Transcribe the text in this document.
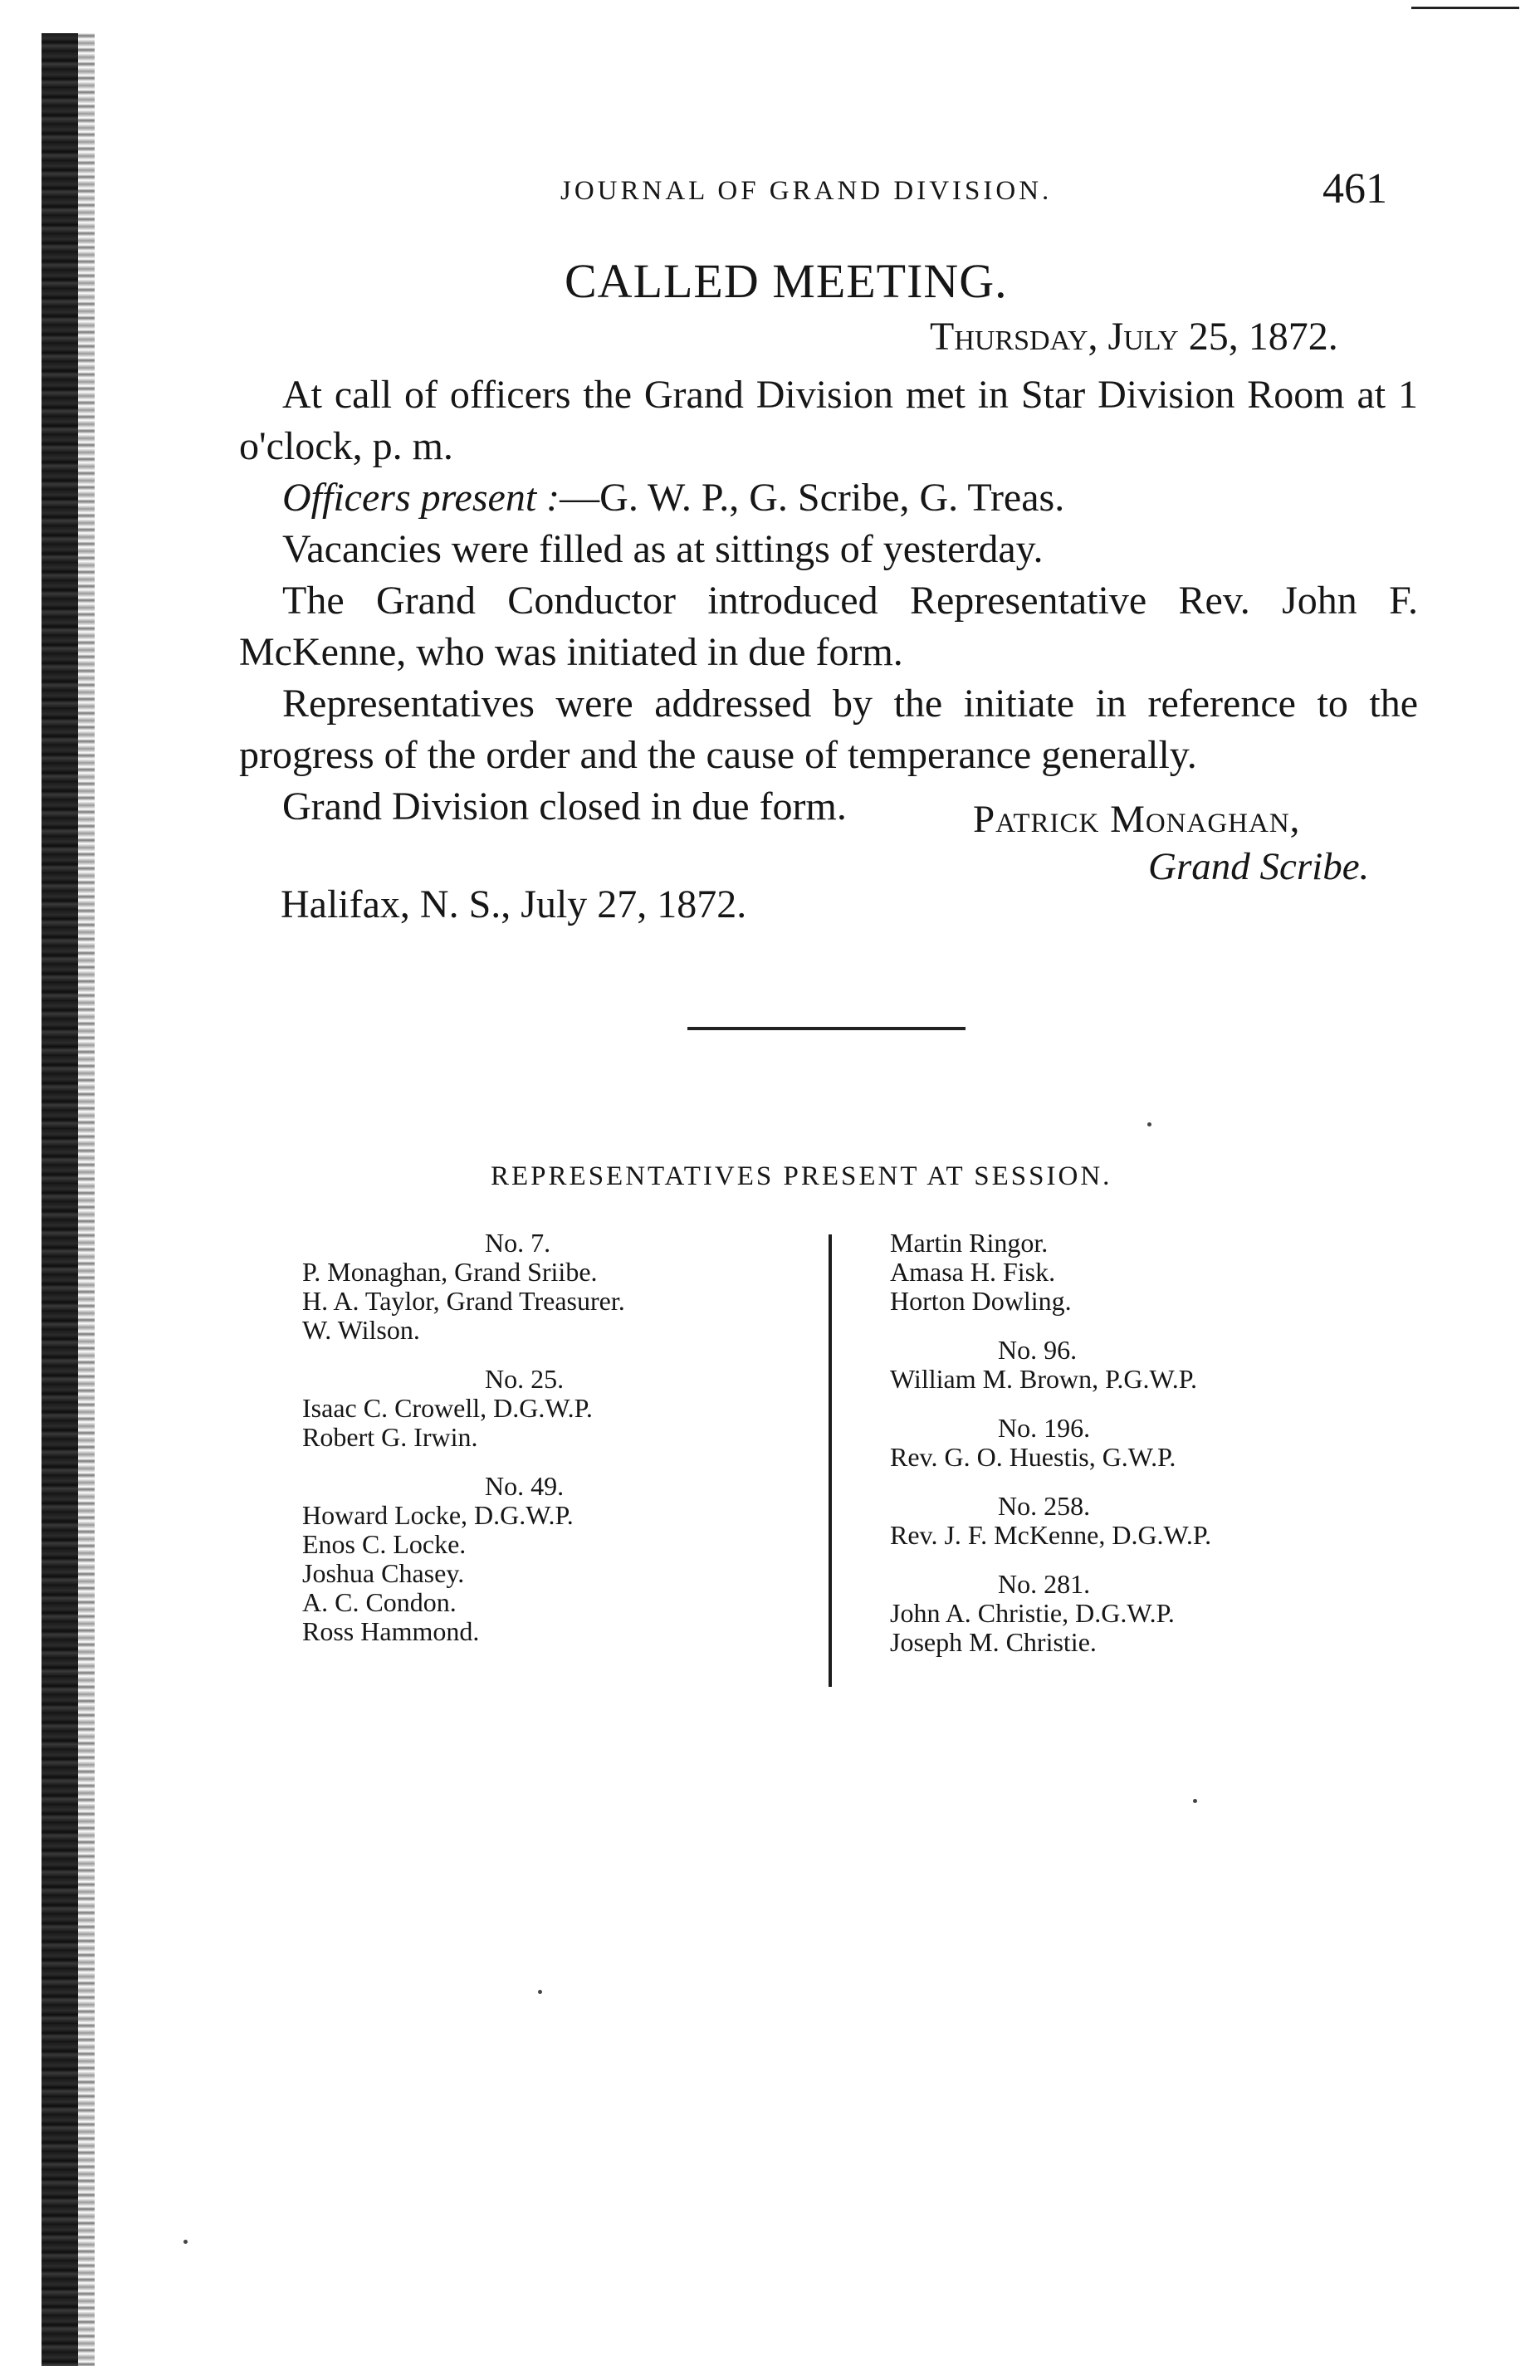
JOURNAL OF GRAND DIVISION.	461
CALLED MEETING.
Thursday, July 25, 1872.

At call of officers the Grand Division met in Star Division Room at 1 o'clock, p. m.

Officers present :—G. W. P., G. Scribe, G. Treas.

Vacancies were filled as at sittings of yesterday.

The Grand Conductor introduced Representative Rev. John F. McKenne, who was initiated in due form.

Representatives were addressed by the initiate in reference to the progress of the order and the cause of temperance generally.

Grand Division closed in due form.	Patrick Monaghan,
Grand Scribe.
Halifax, N. S., July 27, 1872.
REPRESENTATIVES PRESENT AT SESSION.
No. 7.
P. Monaghan, Grand Sriibe.
H. A. Taylor, Grand Treasurer.
W. Wilson.
No. 25.
Isaac C. Crowell, D.G.W.P.
Robert G. Irwin.
No. 49.
Howard Locke, D.G.W.P.
Enos C. Locke.
Joshua Chasey.
A. C. Condon.
Ross Hammond.
Martin Ringor.
Amasa H. Fisk.
Horton Dowling.
No. 96.
William M. Brown, P.G.W.P.
No. 196.
Rev. G. O. Huestis, G.W.P.
No. 258.
Rev. J. F. McKenne, D.G.W.P.
No. 281.
John A. Christie, D.G.W.P.
Joseph M. Christie.
